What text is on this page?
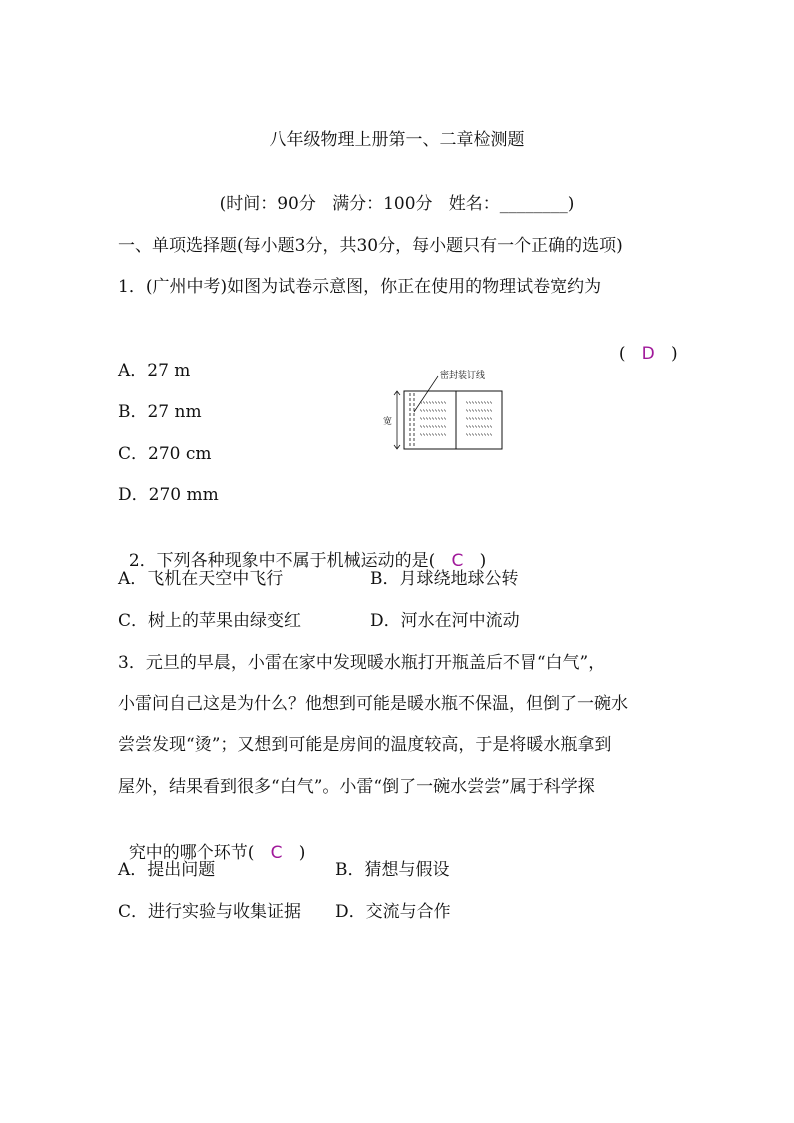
八年级物理上册第一、二章检测题
(时间：90分   满分：100分   姓名：________)
一、单项选择题(每小题3分，共30分，每小题只有一个正确的选项)
1．(广州中考)如图为试卷示意图，你正在使用的物理试卷宽约为

( D )

A．27 m
B．27 nm
C．270 cm
D．270 mm
密封装订线
宽

2．下列各种现象中不属于机械运动的是( C )

A．飞机在天空中飞行	B．月球绕地球公转
C．树上的苹果由绿变红	D．河水在河中流动
3．元旦的早晨，小雷在家中发现暖水瓶打开瓶盖后不冒“白气”，
小雷问自己这是为什么？他想到可能是暖水瓶不保温，但倒了一碗水
尝尝发现“烫”；又想到可能是房间的温度较高，于是将暖水瓶拿到
屋外，结果看到很多“白气”。小雷“倒了一碗水尝尝”属于科学探

究中的哪个环节( C )

A．提出问题	B．猜想与假设
C．进行实验与收集证据 D．交流与合作
